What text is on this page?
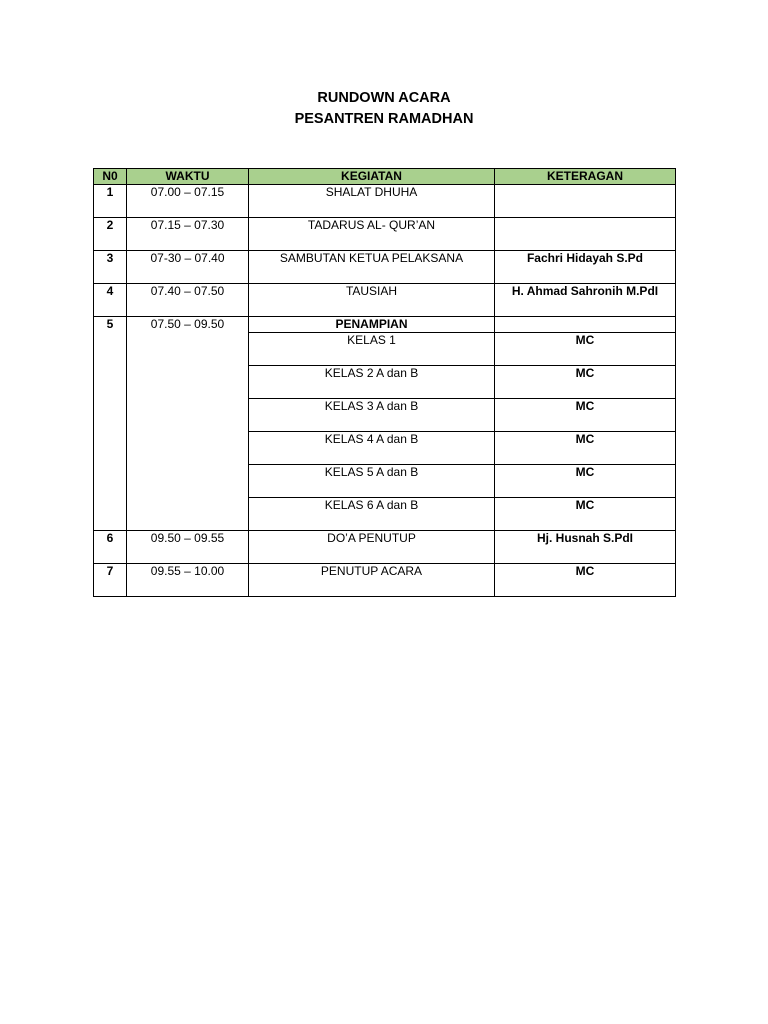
RUNDOWN ACARA
PESANTREN RAMADHAN
N0	WAKTU	KEGIATAN	KETERAGAN
1	07.00 – 07.15	SHALAT DHUHA	
2	07.15 – 07.30	TADARUS AL- QUR’AN	
3	07-30 – 07.40	SAMBUTAN KETUA PELAKSANA	Fachri Hidayah S.Pd
4	07.40 – 07.50	TAUSIAH	H. Ahmad Sahronih M.PdI
5	07.50 – 09.50	PENAMPIAN	
		KELAS 1	MC
		KELAS 2 A dan B	MC
		KELAS 3 A dan B	MC
		KELAS 4 A dan B	MC
		KELAS 5 A dan B	MC
		KELAS 6 A dan B	MC
6	09.50 – 09.55	DO’A PENUTUP	Hj. Husnah S.PdI
7	09.55 – 10.00	PENUTUP ACARA	MC
